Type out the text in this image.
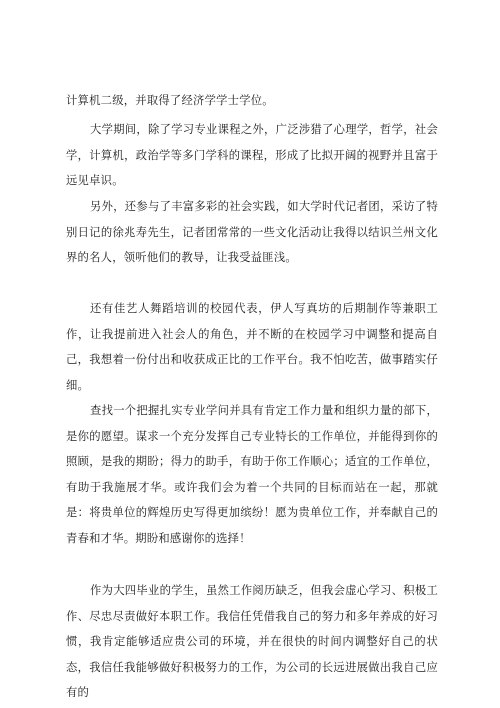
计算机二级，并取得了经济学学士学位。

大学期间，除了学习专业课程之外，广泛涉猎了心理学，哲学，社会学，计算机，政治学等多门学科的课程，形成了比拟开阔的视野并且富于远见卓识。

另外，还参与了丰富多彩的社会实践，如大学时代记者团，采访了特别日记的徐兆寿先生，记者团常常的一些文化活动让我得以结识兰州文化界的名人，领听他们的教导，让我受益匪浅。

还有佳艺人舞蹈培训的校园代表，伊人写真坊的后期制作等兼职工作，让我提前进入社会人的角色，并不断的在校园学习中调整和提高自己，我想着一份付出和收获成正比的工作平台。我不怕吃苦，做事踏实仔细。

查找一个把握扎实专业学问并具有肯定工作力量和组织力量的部下，是你的愿望。谋求一个充分发挥自己专业特长的工作单位，并能得到你的照顾，是我的期盼；得力的助手，有助于你工作顺心；适宜的工作单位，有助于我施展才华。或许我们会为着一个共同的目标而站在一起，那就是：将贵单位的辉煌历史写得更加缤纷！愿为贵单位工作，并奉献自己的青春和才华。期盼和感谢你的选择！

作为大四毕业的学生，虽然工作阅历缺乏，但我会虚心学习、积极工作、尽忠尽责做好本职工作。我信任凭借我自己的努力和多年养成的好习惯，我肯定能够适应贵公司的环境，并在很快的时间内调整好自己的状态，我信任我能够做好积极努力的工作，为公司的长远进展做出我自己应有的
